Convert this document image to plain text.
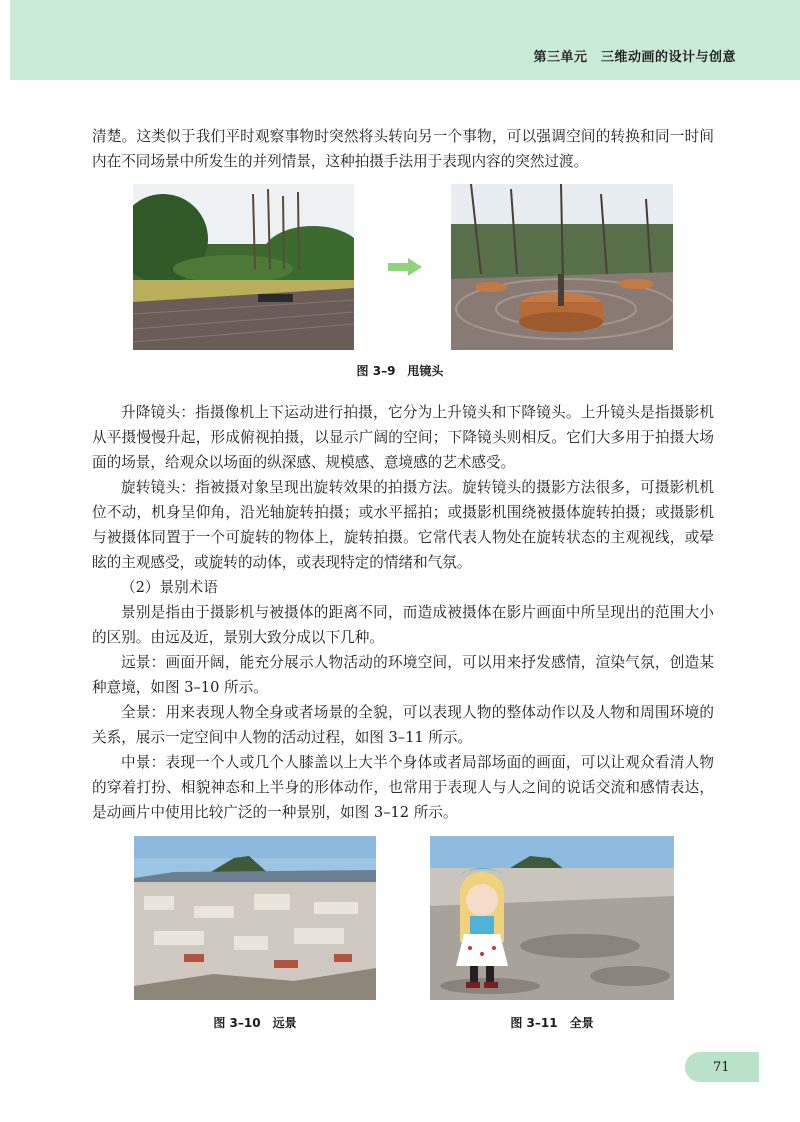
第三单元　三维动画的设计与创意

清楚。这类似于我们平时观察事物时突然将头转向另一个事物，可以强调空间的转换和同一时间内在不同场景中所发生的并列情景，这种拍摄手法用于表现内容的突然过渡。

图 3–9　甩镜头

升降镜头：指摄像机上下运动进行拍摄，它分为上升镜头和下降镜头。上升镜头是指摄影机从平摄慢慢升起，形成俯视拍摄，以显示广阔的空间；下降镜头则相反。它们大多用于拍摄大场面的场景，给观众以场面的纵深感、规模感、意境感的艺术感受。

旋转镜头：指被摄对象呈现出旋转效果的拍摄方法。旋转镜头的摄影方法很多，可摄影机机位不动，机身呈仰角，沿光轴旋转拍摄；或水平摇拍；或摄影机围绕被摄体旋转拍摄；或摄影机与被摄体同置于一个可旋转的物体上，旋转拍摄。它常代表人物处在旋转状态的主观视线，或晕眩的主观感受，或旋转的动体，或表现特定的情绪和气氛。

（2）景别术语

景别是指由于摄影机与被摄体的距离不同，而造成被摄体在影片画面中所呈现出的范围大小的区别。由远及近，景别大致分成以下几种。

远景：画面开阔，能充分展示人物活动的环境空间，可以用来抒发感情，渲染气氛，创造某种意境，如图 3–10 所示。

全景：用来表现人物全身或者场景的全貌，可以表现人物的整体动作以及人物和周围环境的关系，展示一定空间中人物的活动过程，如图 3–11 所示。

中景：表现一个人或几个人膝盖以上大半个身体或者局部场面的画面，可以让观众看清人物的穿着打扮、相貌神态和上半身的形体动作，也常用于表现人与人之间的说话交流和感情表达，是动画片中使用比较广泛的一种景别，如图 3–12 所示。

图 3–10　远景	图 3–11　全景
71
